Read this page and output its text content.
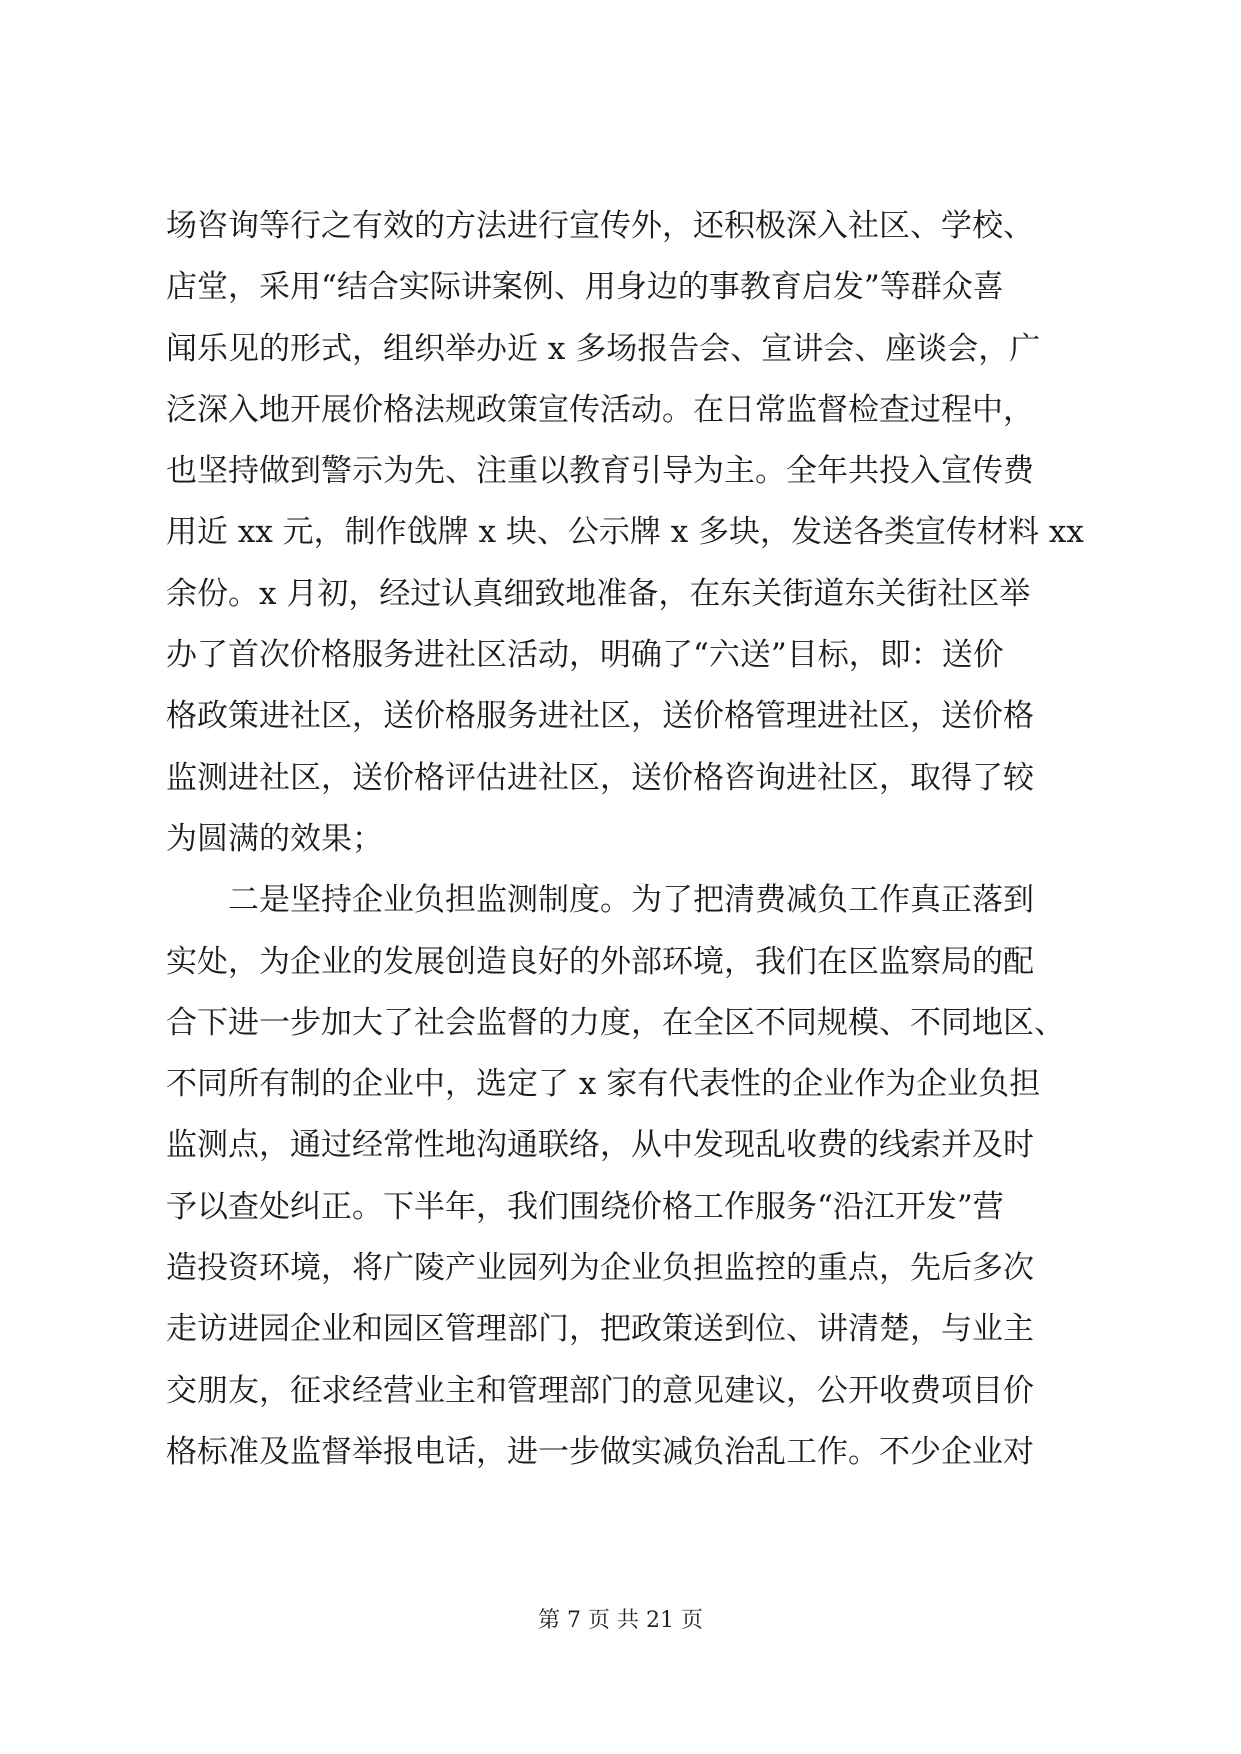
场咨询等行之有效的方法进行宣传外，还积极深入社区、学校、
店堂，采用“结合实际讲案例、用身边的事教育启发”等群众喜
闻乐见的形式，组织举办近 x 多场报告会、宣讲会、座谈会，广
泛深入地开展价格法规政策宣传活动。在日常监督检查过程中，
也坚持做到警示为先、注重以教育引导为主。全年共投入宣传费
用近 xx 元，制作戗牌 x 块、公示牌 x 多块，发送各类宣传材料 xx
余份。x 月初，经过认真细致地准备，在东关街道东关街社区举
办了首次价格服务进社区活动，明确了“六送”目标，即：送价
格政策进社区，送价格服务进社区，送价格管理进社区，送价格
监测进社区，送价格评估进社区，送价格咨询进社区，取得了较
为圆满的效果；
二是坚持企业负担监测制度。为了把清费减负工作真正落到
实处，为企业的发展创造良好的外部环境，我们在区监察局的配
合下进一步加大了社会监督的力度，在全区不同规模、不同地区、
不同所有制的企业中，选定了 x 家有代表性的企业作为企业负担
监测点，通过经常性地沟通联络，从中发现乱收费的线索并及时
予以查处纠正。下半年，我们围绕价格工作服务“沿江开发”营
造投资环境，将广陵产业园列为企业负担监控的重点，先后多次
走访进园企业和园区管理部门，把政策送到位、讲清楚，与业主
交朋友，征求经营业主和管理部门的意见建议，公开收费项目价
格标准及监督举报电话，进一步做实减负治乱工作。不少企业对
第 7 页 共 21 页
